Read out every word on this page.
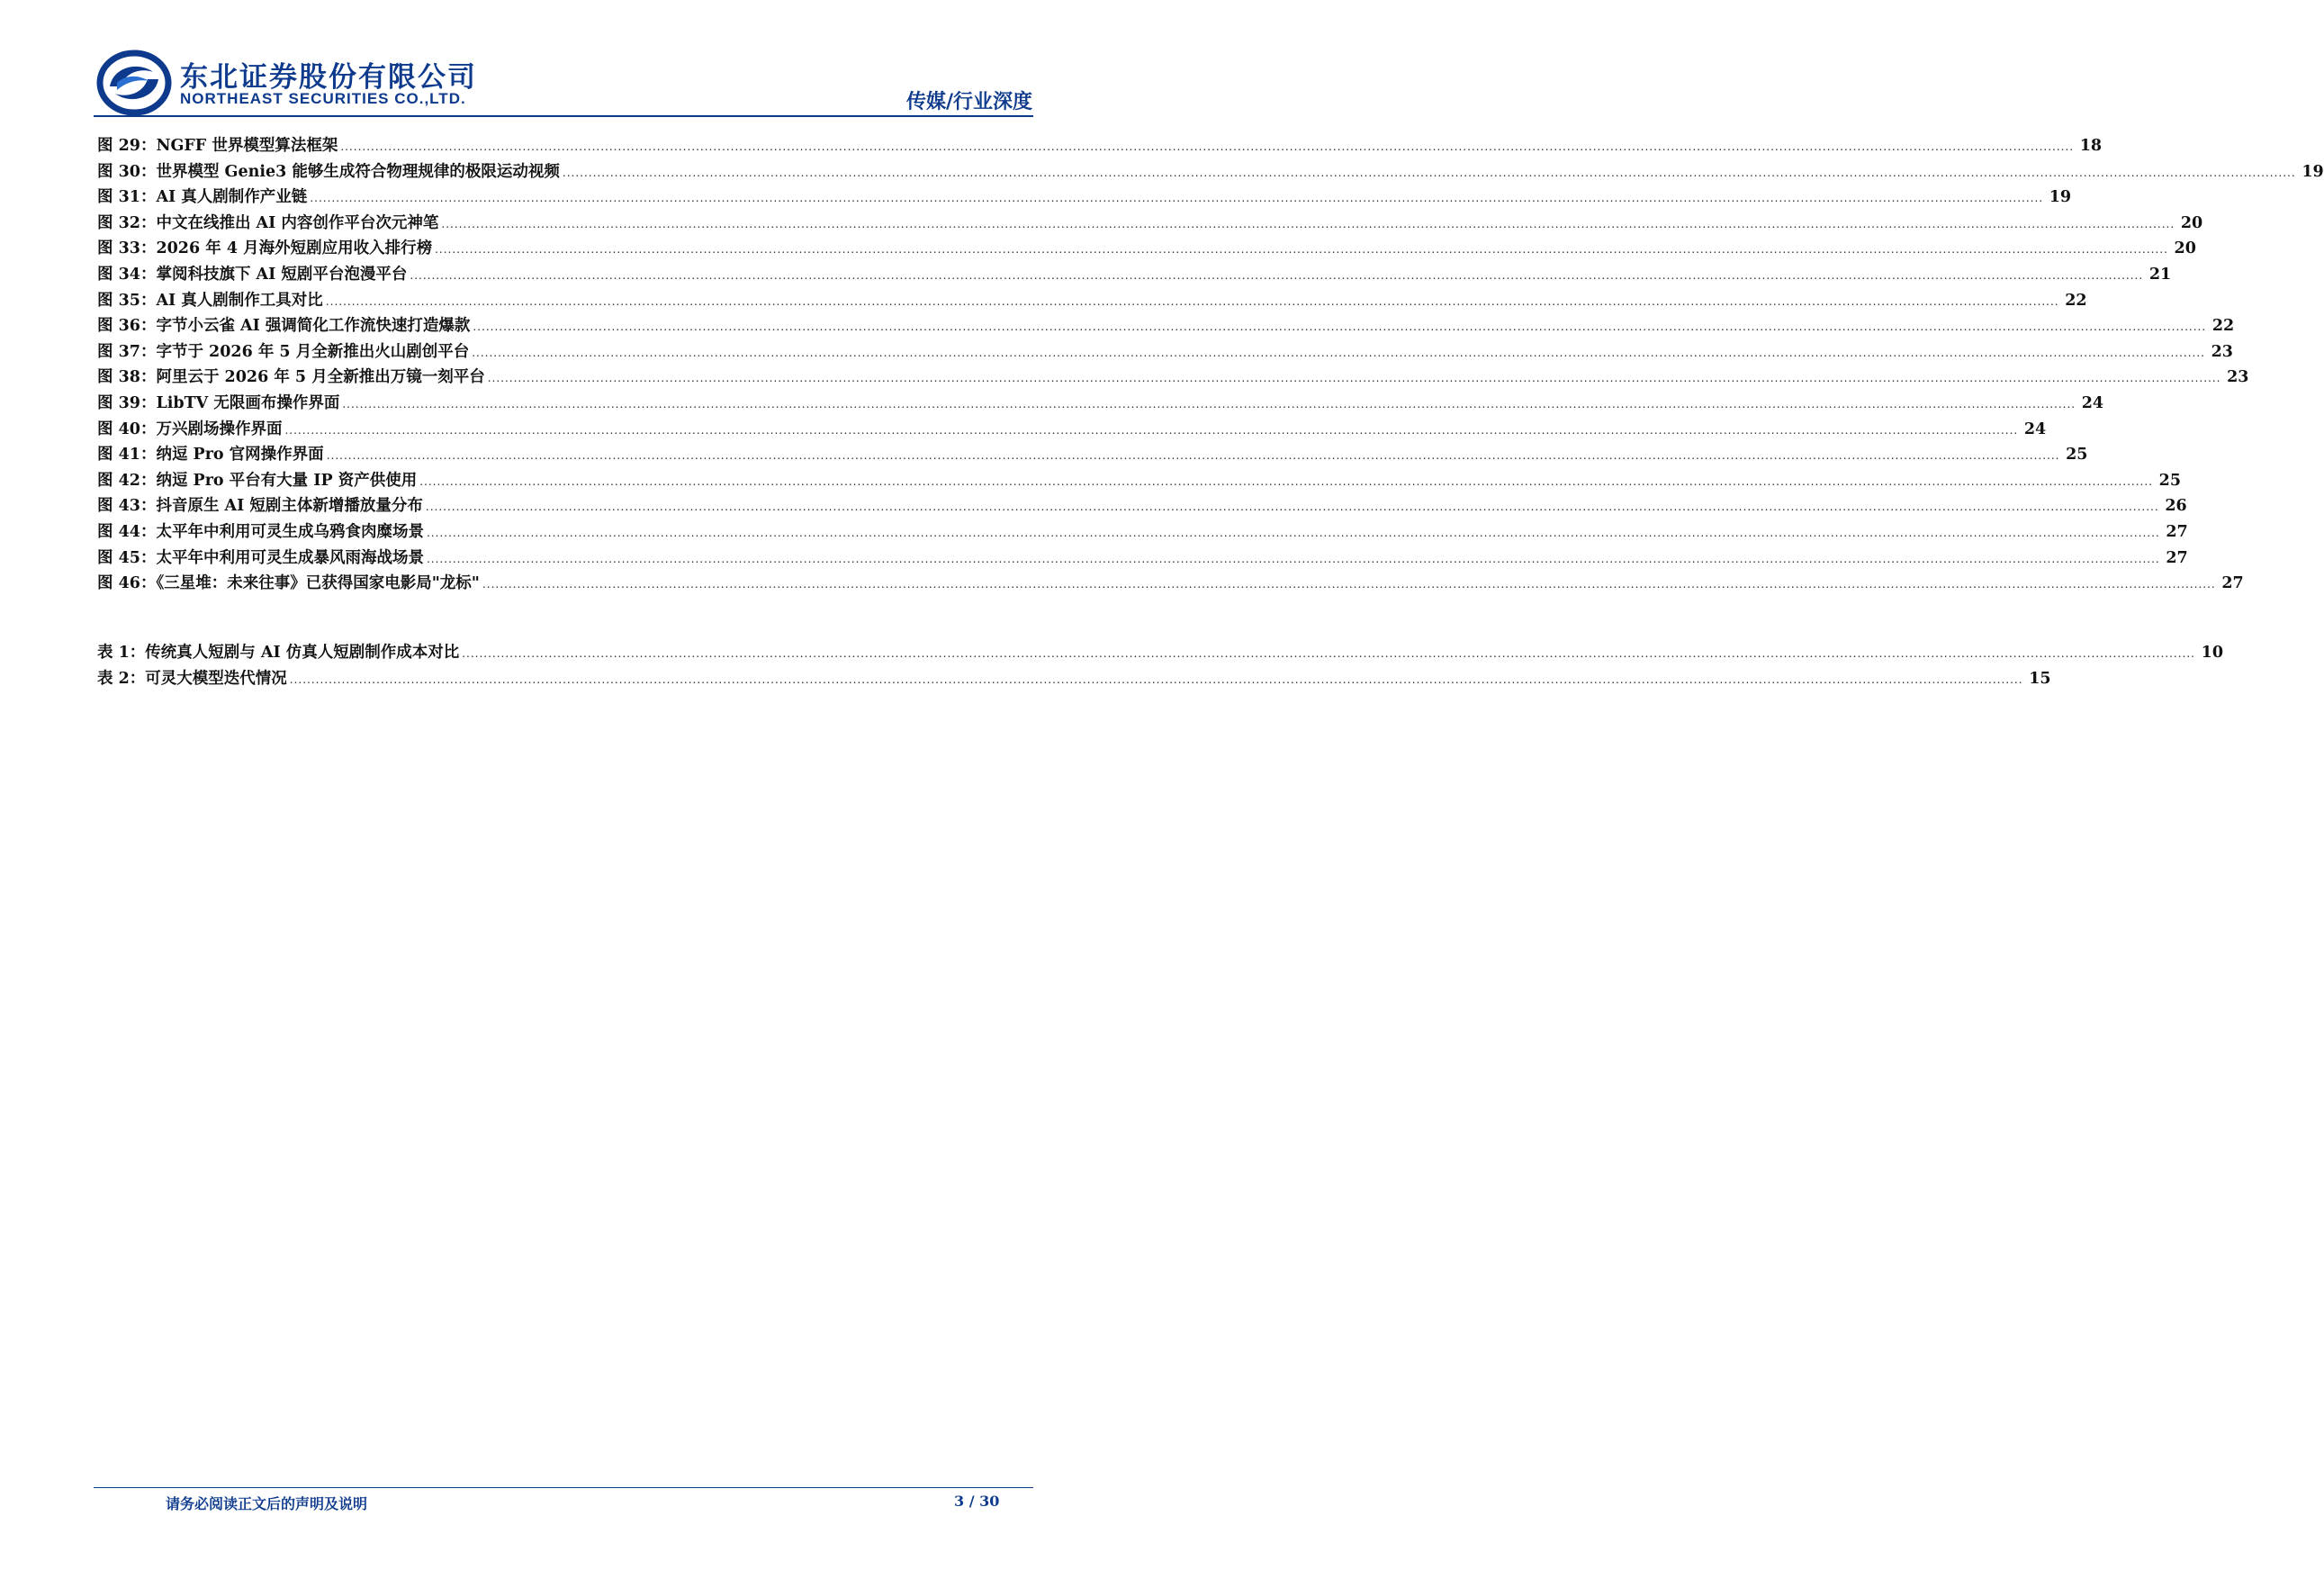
东北证券股份有限公司
NORTHEAST SECURITIES CO.,LTD.	传媒/行业深度
图 29：NGFF 世界模型算法框架 ................................................................................................................................................................................................................................................................................................................................................................................................................ 18
图 30：世界模型 Genie3 能够生成符合物理规律的极限运动视频 ................................................................................................................................................................................................................................................................................................................................................................................................................ 19
图 31：AI 真人剧制作产业链 ................................................................................................................................................................................................................................................................................................................................................................................................................ 19
图 32：中文在线推出 AI 内容创作平台次元神笔 ................................................................................................................................................................................................................................................................................................................................................................................................................ 20
图 33：2026 年 4 月海外短剧应用收入排行榜 ................................................................................................................................................................................................................................................................................................................................................................................................................ 20
图 34：掌阅科技旗下 AI 短剧平台泡漫平台 ................................................................................................................................................................................................................................................................................................................................................................................................................ 21
图 35：AI 真人剧制作工具对比 ................................................................................................................................................................................................................................................................................................................................................................................................................ 22
图 36：字节小云雀 AI 强调简化工作流快速打造爆款 ................................................................................................................................................................................................................................................................................................................................................................................................................ 22
图 37：字节于 2026 年 5 月全新推出火山剧创平台 ................................................................................................................................................................................................................................................................................................................................................................................................................ 23
图 38：阿里云于 2026 年 5 月全新推出万镜一刻平台 ................................................................................................................................................................................................................................................................................................................................................................................................................ 23
图 39：LibTV 无限画布操作界面 ................................................................................................................................................................................................................................................................................................................................................................................................................ 24
图 40：万兴剧场操作界面 ................................................................................................................................................................................................................................................................................................................................................................................................................ 24
图 41：纳逗 Pro 官网操作界面 ................................................................................................................................................................................................................................................................................................................................................................................................................ 25
图 42：纳逗 Pro 平台有大量 IP 资产供使用 ................................................................................................................................................................................................................................................................................................................................................................................................................ 25
图 43：抖音原生 AI 短剧主体新增播放量分布 ................................................................................................................................................................................................................................................................................................................................................................................................................ 26
图 44：太平年中利用可灵生成乌鸦食肉糜场景 ................................................................................................................................................................................................................................................................................................................................................................................................................ 27
图 45：太平年中利用可灵生成暴风雨海战场景 ................................................................................................................................................................................................................................................................................................................................................................................................................ 27
图 46：《三星堆：未来往事》已获得国家电影局"龙标" ................................................................................................................................................................................................................................................................................................................................................................................................................ 27
表 1：传统真人短剧与 AI 仿真人短剧制作成本对比 ................................................................................................................................................................................................................................................................................................................................................................................................................ 10
表 2：可灵大模型迭代情况 ................................................................................................................................................................................................................................................................................................................................................................................................................ 15
请务必阅读正文后的声明及说明	3 / 30
